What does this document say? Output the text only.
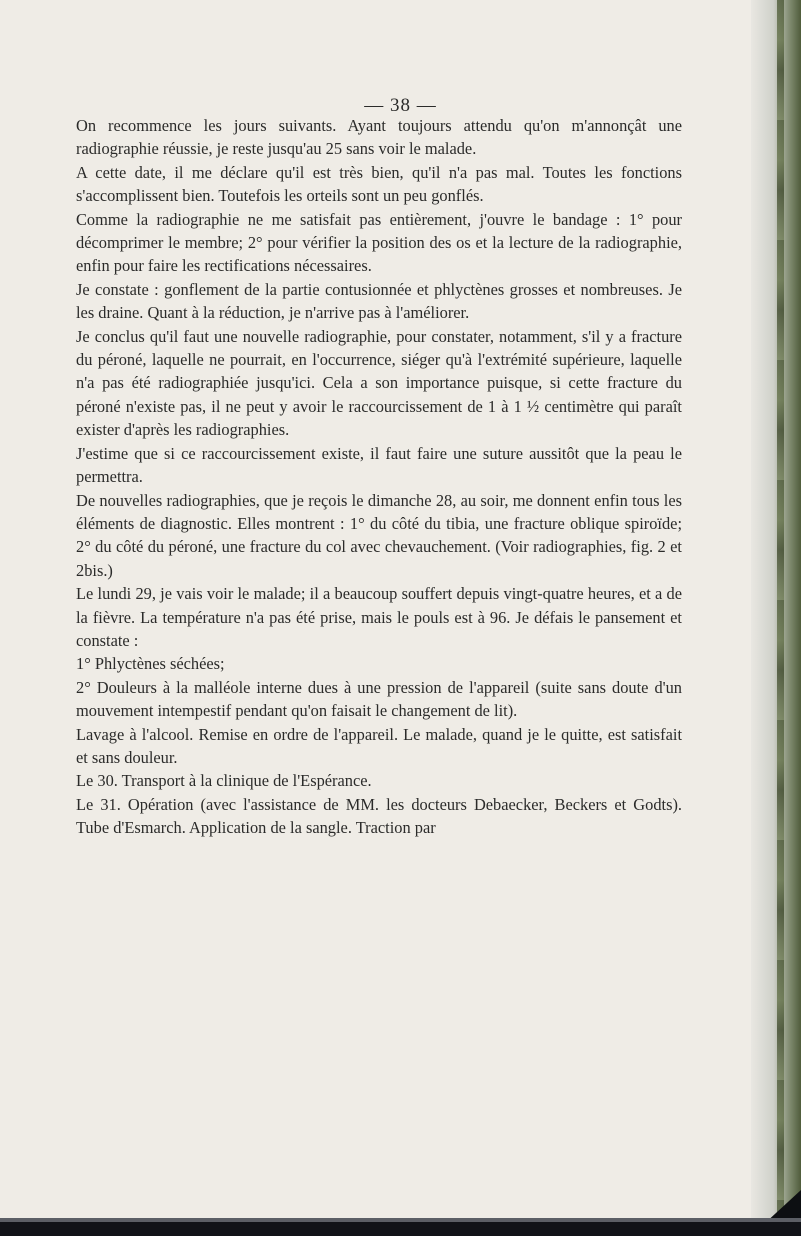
— 38 —

On recommence les jours suivants. Ayant toujours attendu qu'on m'annonçât une radiographie réussie, je reste jusqu'au 25 sans voir le malade.

A cette date, il me déclare qu'il est très bien, qu'il n'a pas mal. Toutes les fonctions s'accomplissent bien. Toutefois les orteils sont un peu gonflés.

Comme la radiographie ne me satisfait pas entièrement, j'ouvre le bandage : 1° pour décomprimer le membre; 2° pour vérifier la position des os et la lecture de la radiographie, enfin pour faire les rectifications nécessaires.

Je constate : gonflement de la partie contusionnée et phlyctènes grosses et nombreuses. Je les draine. Quant à la réduction, je n'arrive pas à l'améliorer.

Je conclus qu'il faut une nouvelle radiographie, pour constater, notamment, s'il y a fracture du péroné, laquelle ne pourrait, en l'occurrence, siéger qu'à l'extrémité supérieure, laquelle n'a pas été radiographiée jusqu'ici. Cela a son importance puisque, si cette fracture du péroné n'existe pas, il ne peut y avoir le raccourcissement de 1 à 1 ½ centimètre qui paraît exister d'après les radiographies.

J'estime que si ce raccourcissement existe, il faut faire une suture aussitôt que la peau le permettra.

De nouvelles radiographies, que je reçois le dimanche 28, au soir, me donnent enfin tous les éléments de diagnostic. Elles montrent : 1° du côté du tibia, une fracture oblique spiroïde; 2° du côté du péroné, une fracture du col avec chevauchement. (Voir radiographies, fig. 2 et 2bis.)

Le lundi 29, je vais voir le malade; il a beaucoup souffert depuis vingt-quatre heures, et a de la fièvre. La température n'a pas été prise, mais le pouls est à 96. Je défais le pansement et constate :

1° Phlyctènes séchées;

2° Douleurs à la malléole interne dues à une pression de l'appareil (suite sans doute d'un mouvement intempestif pendant qu'on faisait le changement de lit).

Lavage à l'alcool. Remise en ordre de l'appareil. Le malade, quand je le quitte, est satisfait et sans douleur.

Le 30. Transport à la clinique de l'Espérance.

Le 31. Opération (avec l'assistance de MM. les docteurs Debaecker, Beckers et Godts). Tube d'Esmarch. Application de la sangle. Traction par
